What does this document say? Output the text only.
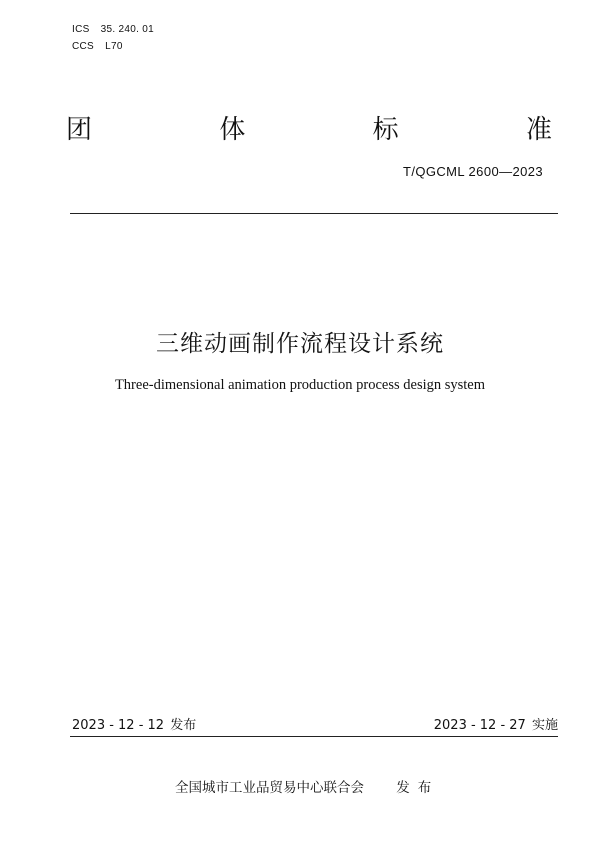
ICS 35. 240. 01
CCS L70
团	体	标	准
T/QGCML 2600—2023
三维动画制作流程设计系统
Three-dimensional animation production process design system
2023 - 12 - 12 发布	2023 - 12 - 27 实施
全国城市工业品贸易中心联合会 发布
